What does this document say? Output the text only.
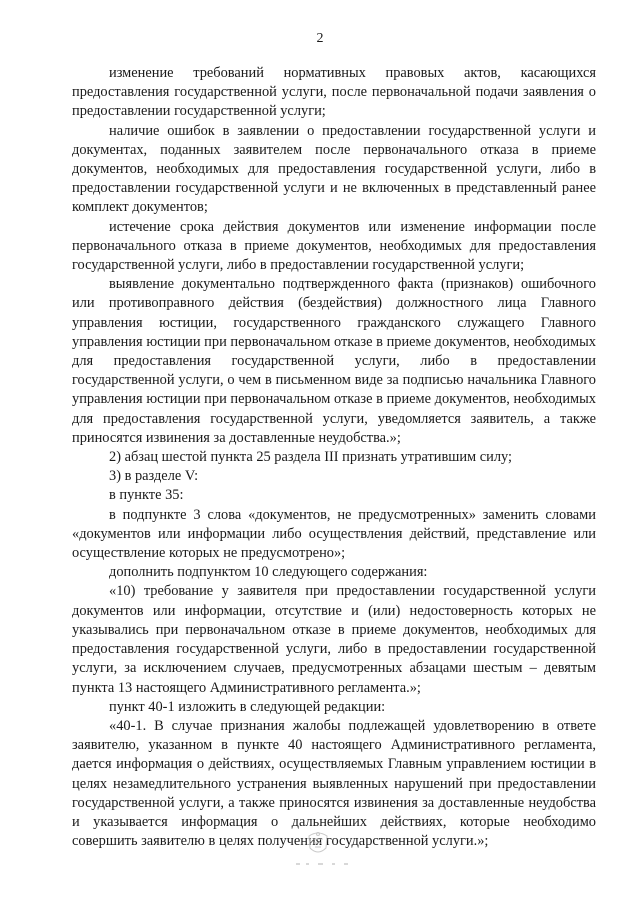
2

изменение требований нормативных правовых актов, касающихся предоставления государственной услуги, после первоначальной подачи заявления о предоставлении государственной услуги;

наличие ошибок в заявлении о предоставлении государственной услуги и документах, поданных заявителем после первоначального отказа в приеме документов, необходимых для предоставления государственной услуги, либо в предоставлении государственной услуги и не включенных в представленный ранее комплект документов;

истечение срока действия документов или изменение информации после первоначального отказа в приеме документов, необходимых для предоставления государственной услуги, либо в предоставлении государственной услуги;

выявление документально подтвержденного факта (признаков) ошибочного или противоправного действия (бездействия) должностного лица Главного управления юстиции, государственного гражданского служащего Главного управления юстиции при первоначальном отказе в приеме документов, необходимых для предоставления государственной услуги, либо в предоставлении государственной услуги, о чем в письменном виде за подписью начальника Главного управления юстиции при первоначальном отказе в приеме документов, необходимых для предоставления государственной услуги, уведомляется заявитель, а также приносятся извинения за доставленные неудобства.»;

2) абзац шестой пункта 25 раздела III признать утратившим силу;

3) в разделе V:

в пункте 35:

в подпункте 3 слова «документов, не предусмотренных» заменить словами «документов или информации либо осуществления действий, представление или осуществление которых не предусмотрено»;

дополнить подпунктом 10 следующего содержания:

«10) требование у заявителя при предоставлении государственной услуги документов или информации, отсутствие и (или) недостоверность которых не указывались при первоначальном отказе в приеме документов, необходимых для предоставления государственной услуги, либо в предоставлении государственной услуги, за исключением случаев, предусмотренных абзацами шестым – девятым пункта 13 настоящего Административного регламента.»;

пункт 40-1 изложить в следующей редакции:

«40-1. В случае признания жалобы подлежащей удовлетворению в ответе заявителю, указанном в пункте 40 настоящего Административного регламента, дается информация о действиях, осуществляемых Главным управлением юстиции в целях незамедлительного устранения выявленных нарушений при предоставлении государственной услуги, а также приносятся извинения за доставленные неудобства и указывается информация о дальнейших действиях, которые необходимо совершить заявителю в целях получения государственной услуги.»;
